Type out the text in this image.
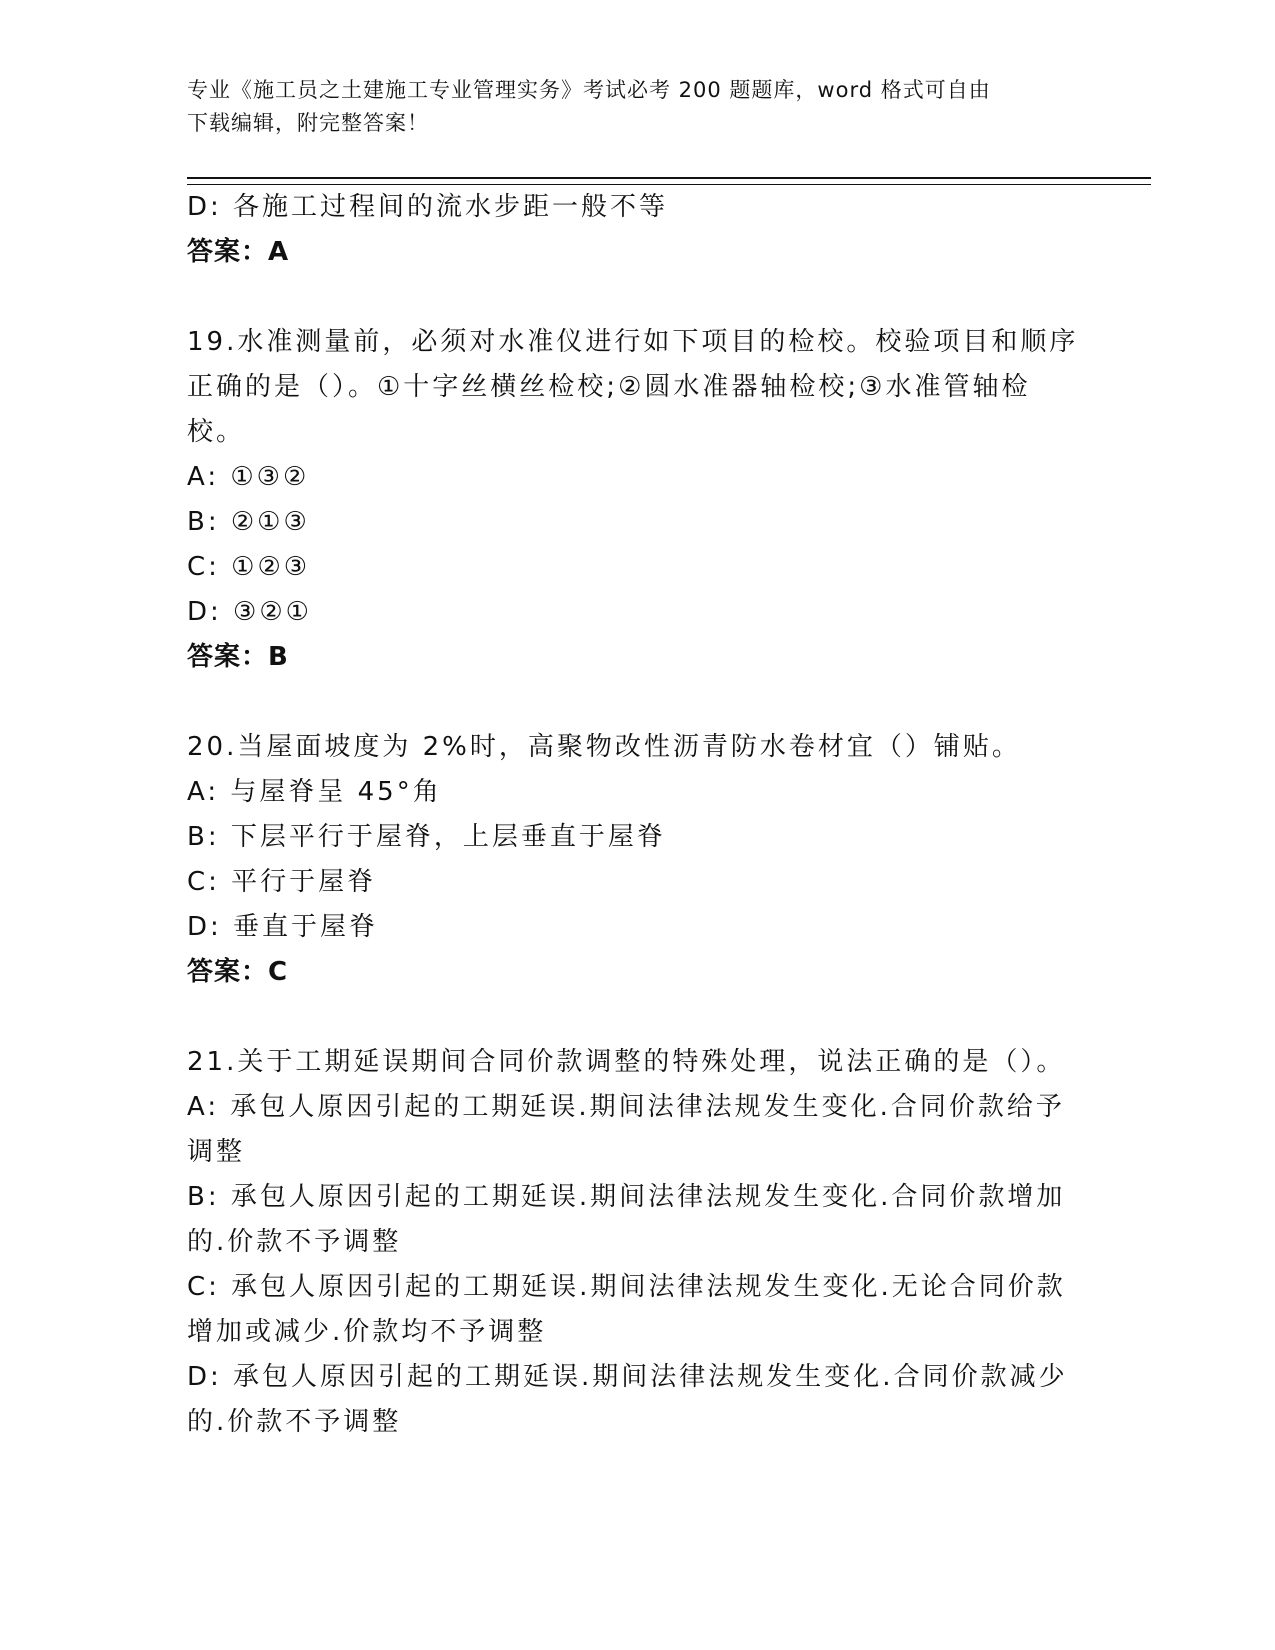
专业《施工员之土建施工专业管理实务》考试必考 200 题题库，word 格式可自由
下载编辑，附完整答案！
D: 各施工过程间的流水步距一般不等
答案：A
19.水准测量前，必须对水准仪进行如下项目的检校。校验项目和顺序
正确的是（）。①十字丝横丝检校;②圆水准器轴检校;③水准管轴检
校。
A: ①③②
B: ②①③
C: ①②③
D: ③②①
答案：B
20.当屋面坡度为 2%时，高聚物改性沥青防水卷材宜（）铺贴。
A: 与屋脊呈 45°角
B: 下层平行于屋脊，上层垂直于屋脊
C: 平行于屋脊
D: 垂直于屋脊
答案：C
21.关于工期延误期间合同价款调整的特殊处理，说法正确的是（）。
A: 承包人原因引起的工期延误.期间法律法规发生变化.合同价款给予
调整
B: 承包人原因引起的工期延误.期间法律法规发生变化.合同价款增加
的.价款不予调整
C: 承包人原因引起的工期延误.期间法律法规发生变化.无论合同价款
增加或减少.价款均不予调整
D: 承包人原因引起的工期延误.期间法律法规发生变化.合同价款减少
的.价款不予调整
